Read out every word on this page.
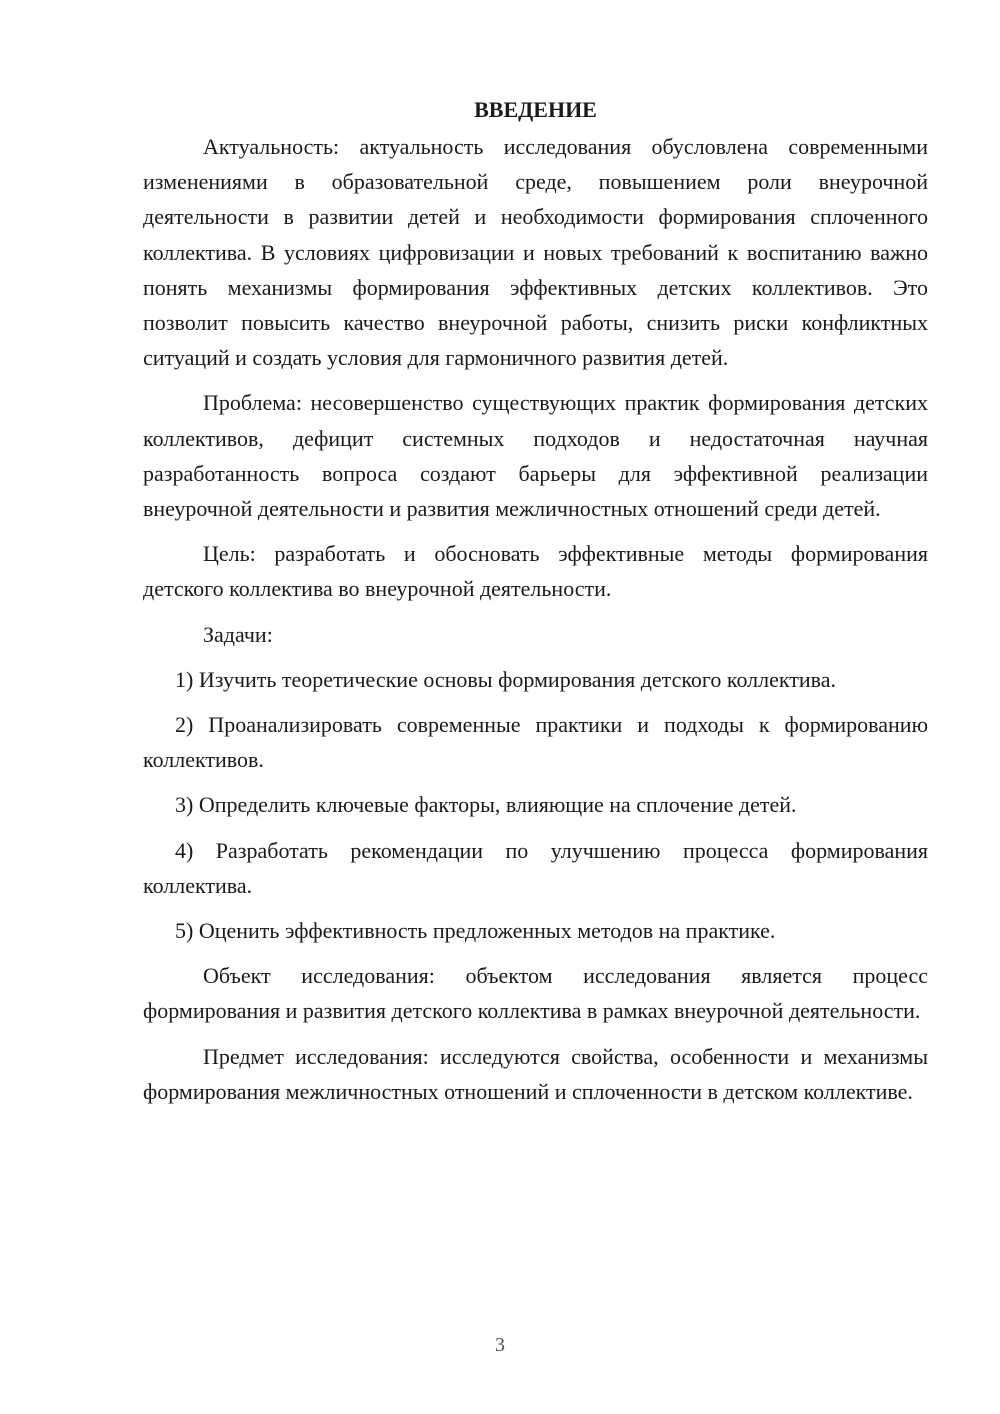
ВВЕДЕНИЕ

Актуальность: актуальность исследования обусловлена современными изменениями в образовательной среде, повышением роли внеурочной деятельности в развитии детей и необходимости формирования сплоченного коллектива. В условиях цифровизации и новых требований к воспитанию важно понять механизмы формирования эффективных детских коллективов. Это позволит повысить качество внеурочной работы, снизить риски конфликтных ситуаций и создать условия для гармоничного развития детей.

Проблема: несовершенство существующих практик формирования детских коллективов, дефицит системных подходов и недостаточная научная разработанность вопроса создают барьеры для эффективной реализации внеурочной деятельности и развития межличностных отношений среди детей.

Цель: разработать и обосновать эффективные методы формирования детского коллектива во внеурочной деятельности.

Задачи:

1) Изучить теоретические основы формирования детского коллектива.

2) Проанализировать современные практики и подходы к формированию коллективов.

3) Определить ключевые факторы, влияющие на сплочение детей.

4) Разработать рекомендации по улучшению процесса формирования коллектива.

5) Оценить эффективность предложенных методов на практике.

Объект исследования: объектом исследования является процесс формирования и развития детского коллектива в рамках внеурочной деятельности.

Предмет исследования: исследуются свойства, особенности и механизмы формирования межличностных отношений и сплоченности в детском коллективе.

3
